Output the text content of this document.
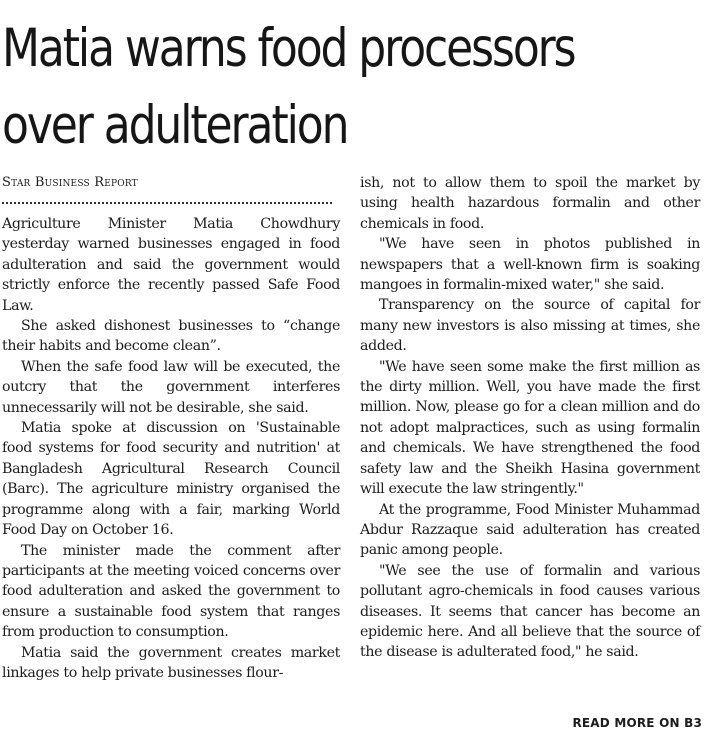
Matia warns food processors
over adulteration
Star Business Report

Agriculture Minister Matia Chowdhury yesterday warned businesses engaged in food adulteration and said the government would strictly enforce the recently passed Safe Food Law.

She asked dishonest businesses to “change their habits and become clean”.

When the safe food law will be executed, the outcry that the government interferes unnecessarily will not be desirable, she said.

Matia spoke at discussion on 'Sustainable food systems for food security and nutrition' at Bangladesh Agricultural Research Council (Barc). The agriculture ministry organised the programme along with a fair, marking World Food Day on October 16.

The minister made the comment after participants at the meeting voiced concerns over food adulteration and asked the government to ensure a sustainable food system that ranges from production to consumption.

Matia said the government creates market linkages to help private businesses flour-

ish, not to allow them to spoil the market by using health hazardous formalin and other chemicals in food.

"We have seen in photos published in newspapers that a well-known firm is soaking mangoes in formalin-mixed water," she said.

Transparency on the source of capital for many new investors is also missing at times, she added.

"We have seen some make the first million as the dirty million. Well, you have made the first million. Now, please go for a clean million and do not adopt malpractices, such as using formalin and chemicals. We have strengthened the food safety law and the Sheikh Hasina government will execute the law stringently."

At the programme, Food Minister Muhammad Abdur Razzaque said adulteration has created panic among people.

"We see the use of formalin and various pollutant agro-chemicals in food causes various diseases. It seems that cancer has become an epidemic here. And all believe that the source of the disease is adulterated food," he said.

READ MORE ON B3
